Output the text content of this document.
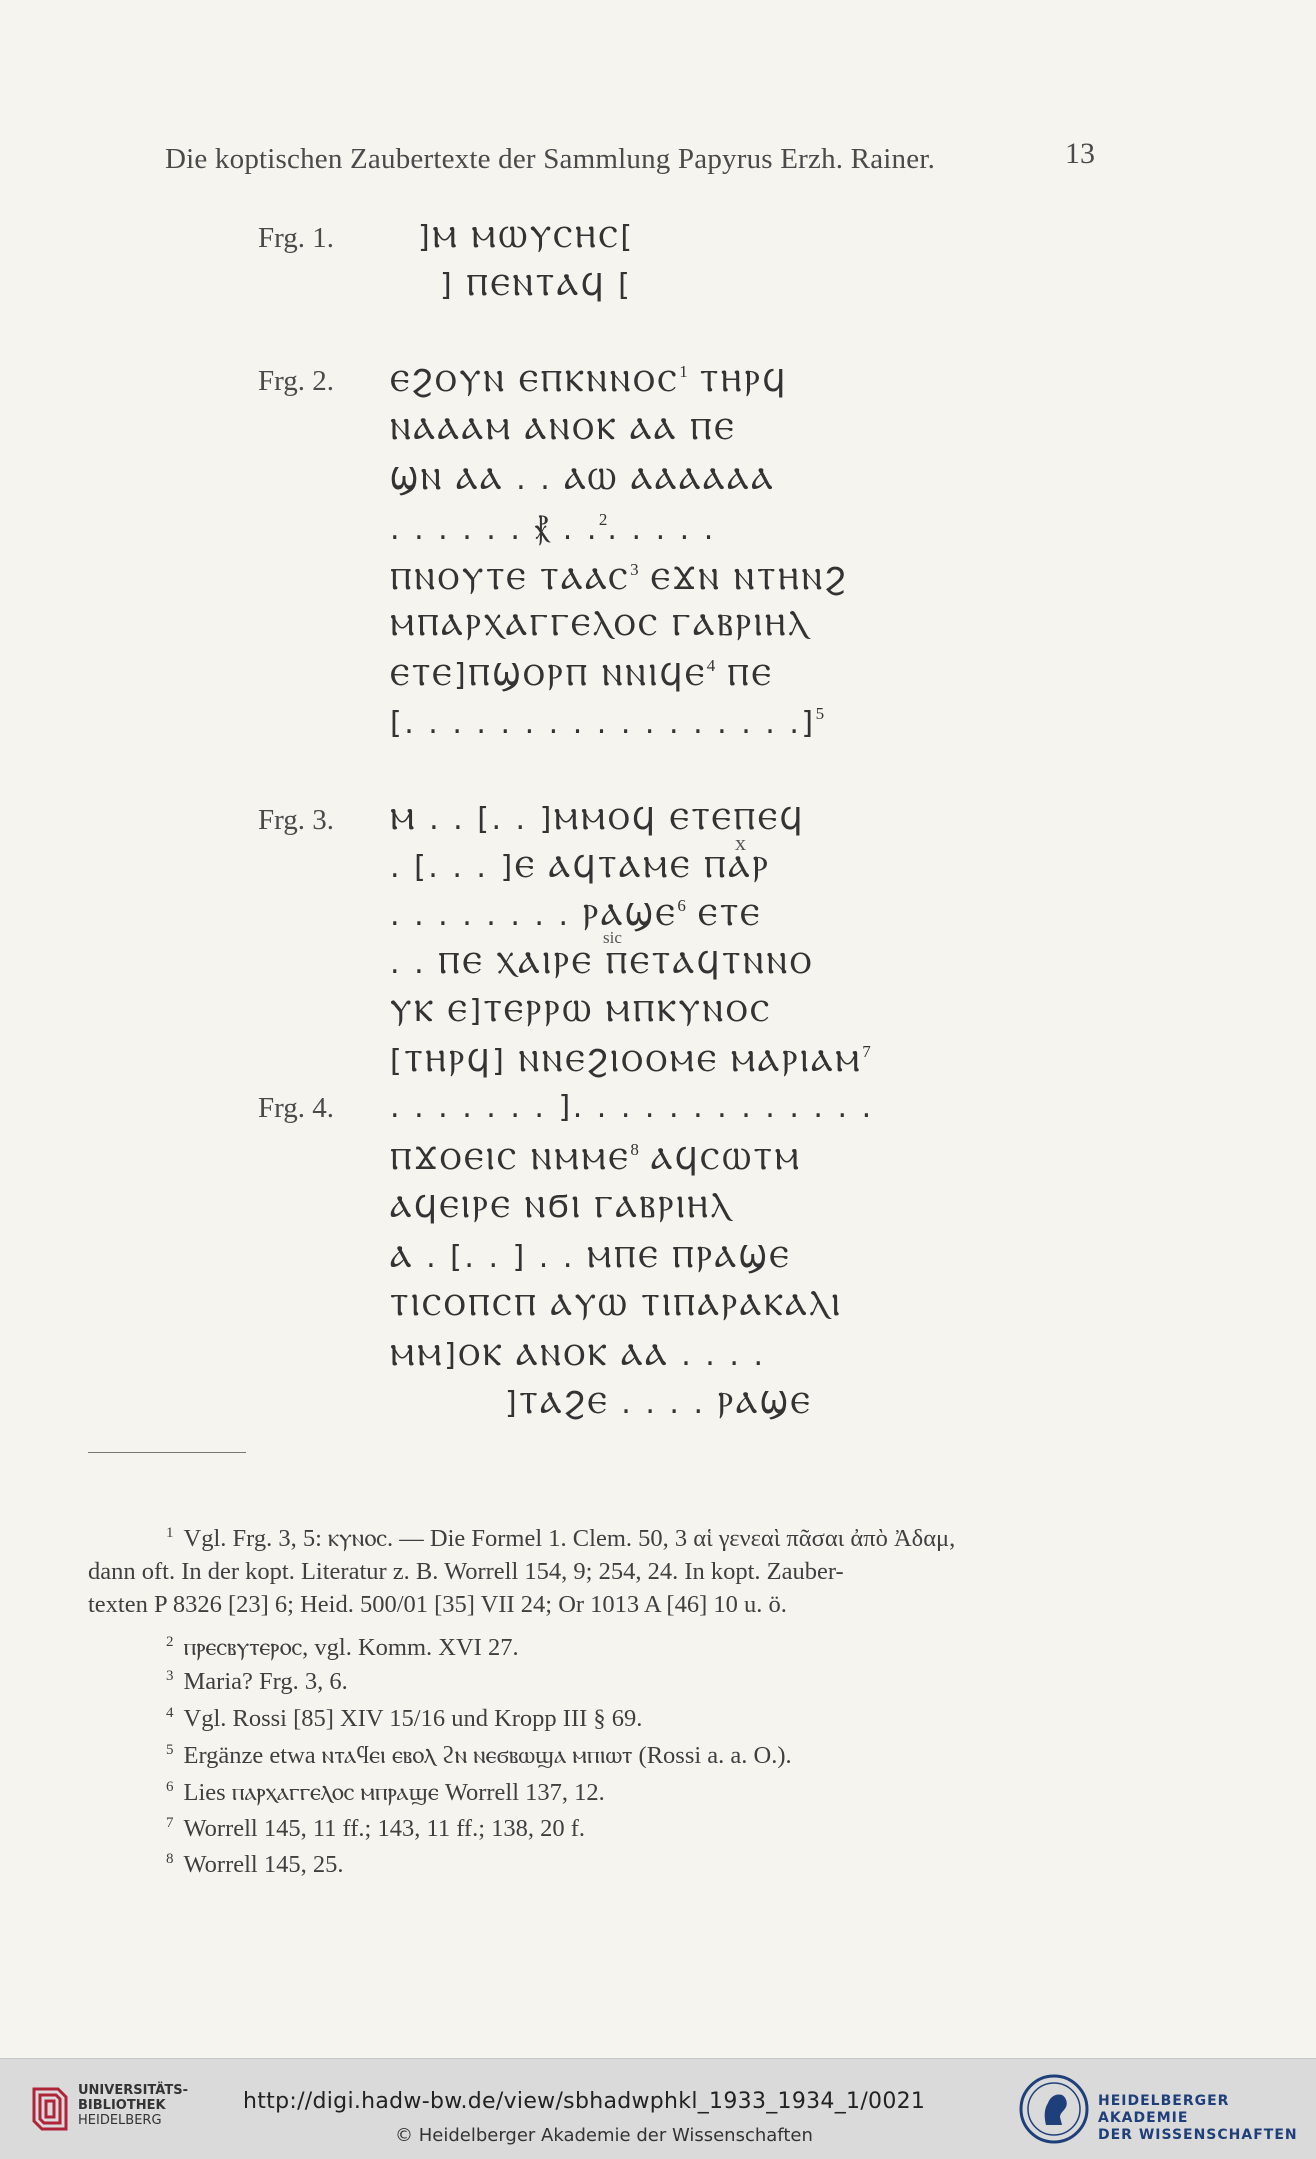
Die koptischen Zaubertexte der Sammlung Papyrus Erzh. Rainer.	13
Frg. 1.	]Ⲙ ⲘⲰⲨⲤⲎⲤ[
] ⲠⲈⲚⲦⲀϤ [
Frg. 2. ⲈϨⲞⲨⲚ ⲈⲠⲔⲚⲚⲞⲤ$^1$ ⲦⲎⲢϤ
ⲚⲀⲀⲀⲘ ⲀⲚⲞⲔ ⲀⲀ ⲠⲈ
ϢⲚ ⲀⲀ . . ⲀⲰ ⲀⲀⲀⲀⲀⲀ
. . . . . . ⳩ . .$^2$. . . . .
ⲠⲚⲞⲨⲦⲈ ⲦⲀⲀⲤ$^3$ ⲈϪⲚ ⲚⲦⲎⲚϨ
ⲘⲠⲀⲢⲬⲀⲄⲄⲈⲖⲞⲤ ⲄⲀⲂⲢⲒⲎⲖ
ⲈⲦⲈ]ⲠϢⲞⲢⲠ ⲚⲚⲒϤⲈ$^4$ ⲠⲈ
[. . . . . . . . . . . . . . . . .]$^5$
Frg. 3. Ⲙ . . [. . ]ⲘⲘⲞϤ ⲈⲦⲈⲠⲈϤ
x
. [. . . ]Ⲉ ⲀϤⲦⲀⲘⲈ ⲠⲀⲢ
. . . . . . . . ⲢⲀϢⲈ$^6$ ⲈⲦⲈ
sic
. . ⲠⲈ ⲬⲀⲒⲢⲈ ⲠⲈⲦⲀϤⲦⲚⲚⲞ
ⲨⲔ Ⲉ]ⲦⲈⲢⲢⲰ ⲘⲠⲔⲨⲚⲞⲤ
[ⲦⲎⲢϤ] ⲚⲚⲈϨⲒⲞⲞⲘⲈ ⲘⲀⲢⲒⲀⲘ$^7$
Frg. 4. . . . . . . . ]. . . . . . . . . . . . .
ⲠϪⲞⲈⲒⲤ ⲚⲘⲘⲈ$^8$ ⲀϤⲤⲰⲦⲘ
ⲀϤⲈⲒⲢⲈ ⲚϬⲒ ⲄⲀⲂⲢⲒⲎⲖ
Ⲁ . [. . ] . . ⲘⲠⲈ ⲠⲢⲀϢⲈ
ⲦⲒⲤⲞⲠⲤⲠ ⲀⲨⲰ ⲦⲒⲠⲀⲢⲀⲔⲀⲖⲒ
ⲘⲘ]ⲞⲔ ⲀⲚⲞⲔ ⲀⲀ . . . .
]ⲦⲀϨⲈ . . . . ⲢⲀϢⲈ
$^1$ Vgl. Frg. 3, 5: ⲕⲩⲛⲟⲥ. — Die Formel 1. Clem. 50, 3 αἱ γενεαὶ πᾶσαι ἀπὸ Ἀδαμ,
dann oft. In der kopt. Literatur z. B. Worrell 154, 9; 254, 24. In kopt. Zauber-
texten P 8326 [23] 6; Heid. 500/01 [35] VII 24; Or 1013 A [46] 10 u. ö.
$^2$ ⲡⲣⲉⲥⲃⲩⲧⲉⲣⲟⲥ, vgl. Komm. XVI 27.
$^3$ Maria? Frg. 3, 6.
$^4$ Vgl. Rossi [85] XIV 15/16 und Kropp III § 69.
$^5$ Ergänze etwa ⲛⲧⲁϥⲉⲓ ⲉⲃⲟⲗ ϩⲛ ⲛⲉϭⲃⲱϣⲁ ⲙⲡⲓⲱⲧ (Rossi a. a. O.).
$^6$ Lies ⲡⲁⲣⲭⲁⲅⲅⲉⲗⲟⲥ ⲙⲡⲣⲁϣⲉ Worrell 137, 12.
$^7$ Worrell 145, 11 ff.; 143, 11 ff.; 138, 20 f.
$^8$ Worrell 145, 25.
UNIVERSITÄTS-
BIBLIOTHEK
HEIDELBERG
http://digi.hadw-bw.de/view/sbhadwphkl_1933_1934_1/0021
© Heidelberger Akademie der Wissenschaften
HEIDELBERGER AKADEMIE
DER WISSENSCHAFTEN
